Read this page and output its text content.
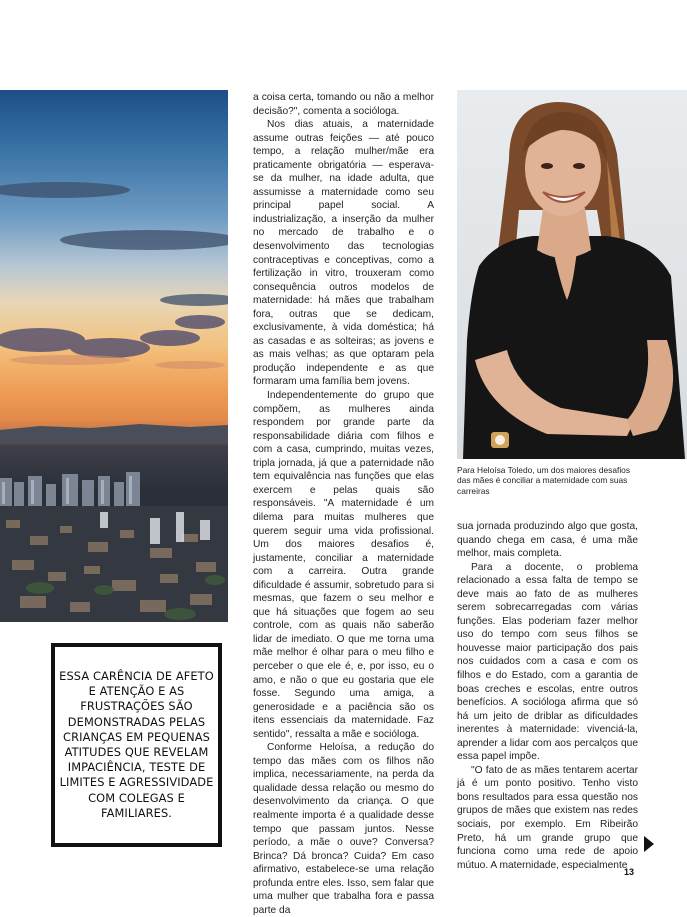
ESSA CARÊNCIA DE AFETO E ATENÇÃO E AS FRUSTRAÇÕES SÃO DEMONSTRADAS PELAS CRIANÇAS EM PEQUENAS ATITUDES QUE REVELAM IMPACIÊNCIA, TESTE DE LIMITES E AGRESSIVIDADE COM COLEGAS E FAMILIARES.

a coisa certa, tomando ou não a melhor decisão?", comenta a socióloga.

Nos dias atuais, a maternidade assume outras feições — até pouco tempo, a relação mulher/mãe era praticamente obrigatória — esperava-se da mulher, na idade adulta, que assumisse a maternidade como seu principal papel social. A industrialização, a inserção da mulher no mercado de trabalho e o desenvolvimento das tecnologias contraceptivas e conceptivas, como a fertilização in vitro, trouxeram como consequência outros modelos de maternidade: há mães que trabalham fora, outras que se dedicam, exclusivamente, à vida doméstica; há as casadas e as solteiras; as jovens e as mais velhas; as que optaram pela produção independente e as que formaram uma família bem jovens.

Independentemente do grupo que compõem, as mulheres ainda respondem por grande parte da responsabilidade diária com filhos e com a casa, cumprindo, muitas vezes, tripla jornada, já que a paternidade não tem equivalência nas funções que elas exercem e pelas quais são responsáveis. "A maternidade é um dilema para muitas mulheres que querem seguir uma vida profissional. Um dos maiores desafios é, justamente, conciliar a maternidade com a carreira. Outra grande dificuldade é assumir, sobretudo para si mesmas, que fazem o seu melhor e que há situações que fogem ao seu controle, com as quais não saberão lidar de imediato. O que me torna uma mãe melhor é olhar para o meu filho e perceber o que ele é, e, por isso, eu o amo, e não o que eu gostaria que ele fosse. Segundo uma amiga, a generosidade e a paciência são os itens essenciais da maternidade. Faz sentido", ressalta a mãe e socióloga.

Conforme Heloísa, a redução do tempo das mães com os filhos não implica, necessariamente, na perda da qualidade dessa relação ou mesmo do desenvolvimento da criança. O que realmente importa é a qualidade desse tempo que passam juntos. Nesse período, a mãe o ouve? Conversa? Brinca? Dá bronca? Cuida? Em caso afirmativo, estabelece-se uma relação profunda entre eles. Isso, sem falar que uma mulher que trabalha fora e passa parte da

Para Heloísa Toledo, um dos maiores desafios das mães é conciliar a maternidade com suas carreiras

sua jornada produzindo algo que gosta, quando chega em casa, é uma mãe melhor, mais completa.

Para a docente, o problema relacionado a essa falta de tempo se deve mais ao fato de as mulheres serem sobrecarregadas com várias funções. Elas poderiam fazer melhor uso do tempo com seus filhos se houvesse maior participação dos pais nos cuidados com a casa e com os filhos e do Estado, com a garantia de boas creches e escolas, entre outros benefícios. A socióloga afirma que só há um jeito de driblar as dificuldades inerentes à maternidade: vivenciá-la, aprender a lidar com aos percalços que essa papel impõe.

"O fato de as mães tentarem acertar já é um ponto positivo. Tenho visto bons resultados para essa questão nos grupos de mães que existem nas redes sociais, por exemplo. Em Ribeirão Preto, há um grande grupo que funciona como uma rede de apoio mútuo. A maternidade, especialmente

13
